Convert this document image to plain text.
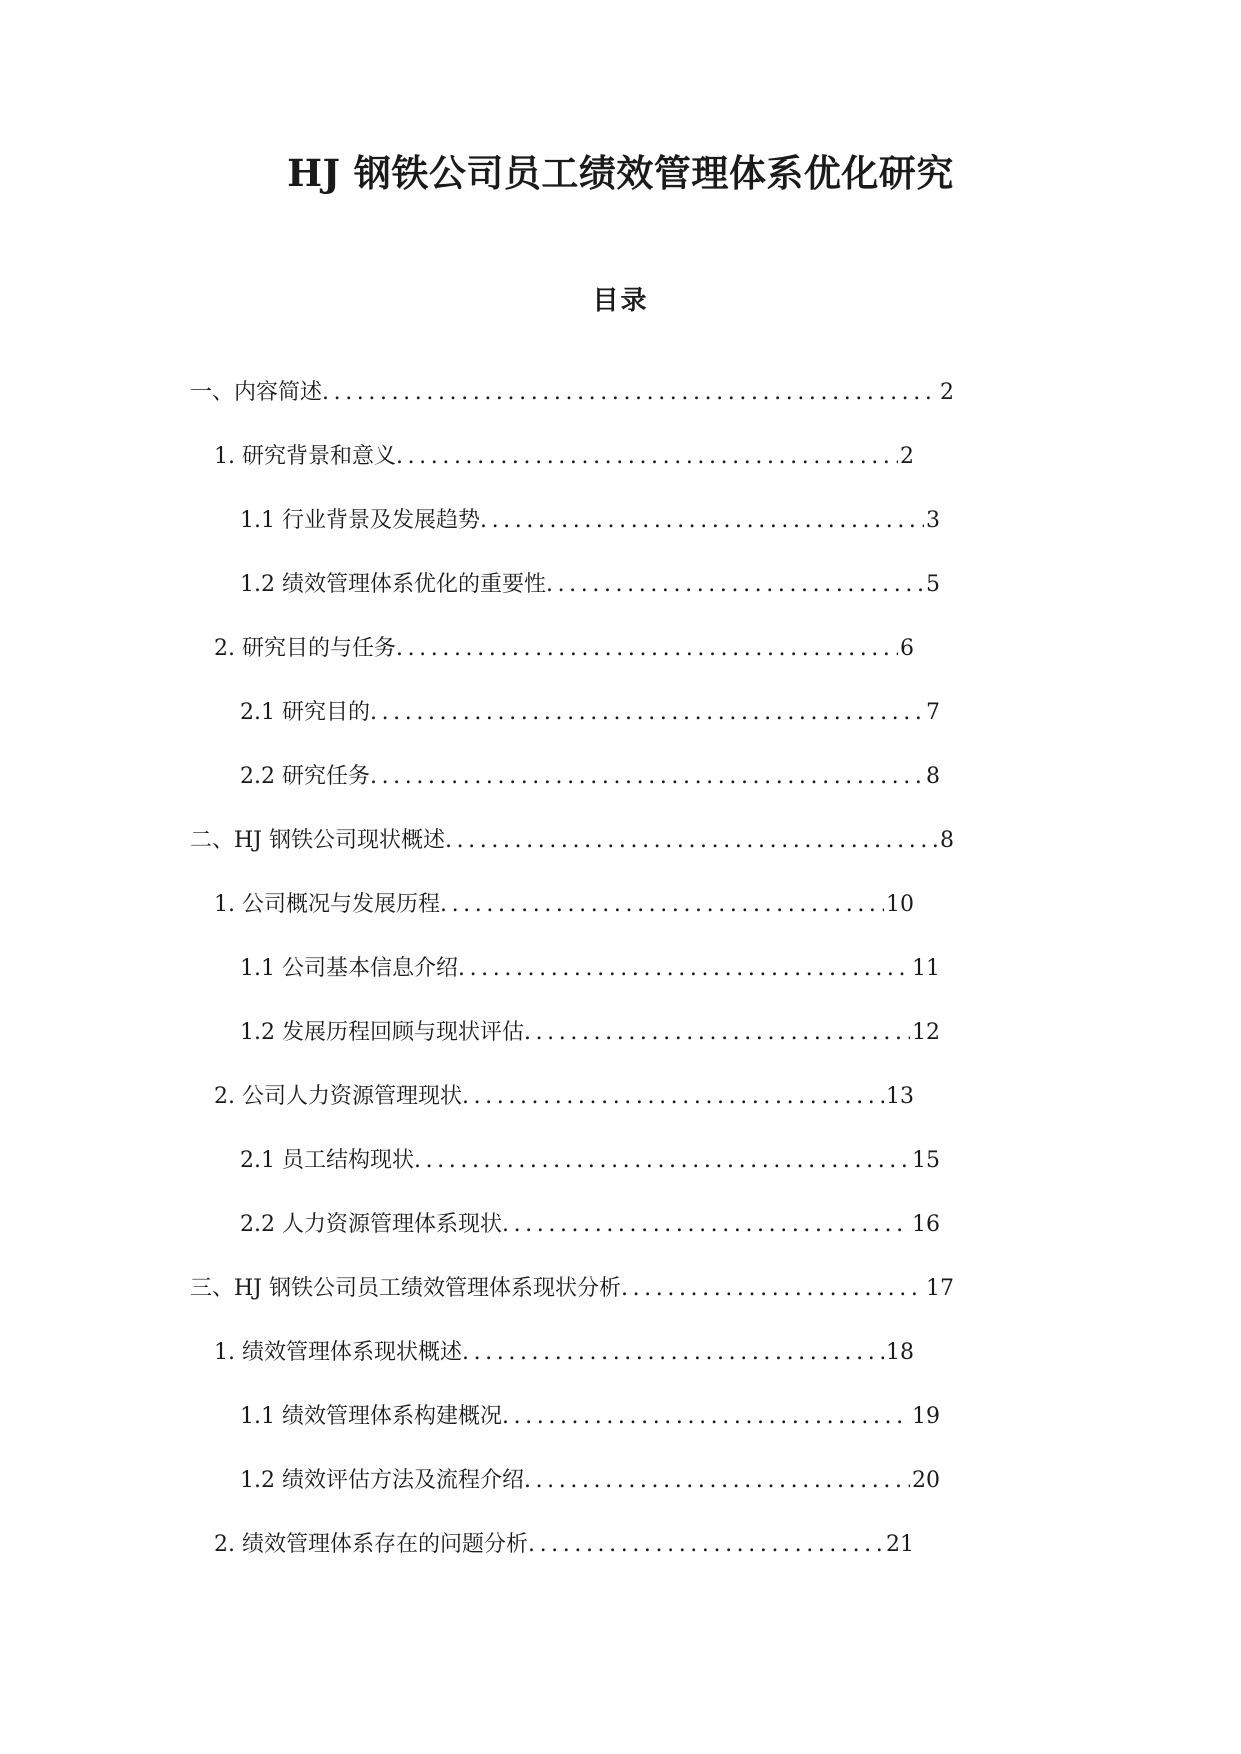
HJ 钢铁公司员工绩效管理体系优化研究
目录
一、内容简述 .....	2
1. 研究背景和意义 .....	2
1.1 行业背景及发展趋势 .....	3
1.2 绩效管理体系优化的重要性 .....	5
2. 研究目的与任务 .....	6
2.1 研究目的 .....	7
2.2 研究任务 .....	8
二、HJ 钢铁公司现状概述 .....	8
1. 公司概况与发展历程 .....	10
1.1 公司基本信息介绍 .....	11
1.2 发展历程回顾与现状评估 .....	12
2. 公司人力资源管理现状 .....	13
2.1 员工结构现状 .....	15
2.2 人力资源管理体系现状 .....	16
三、HJ 钢铁公司员工绩效管理体系现状分析 .....	17
1. 绩效管理体系现状概述 .....	18
1.1 绩效管理体系构建概况 .....	19
1.2 绩效评估方法及流程介绍 .....	20
2. 绩效管理体系存在的问题分析 .....	21
